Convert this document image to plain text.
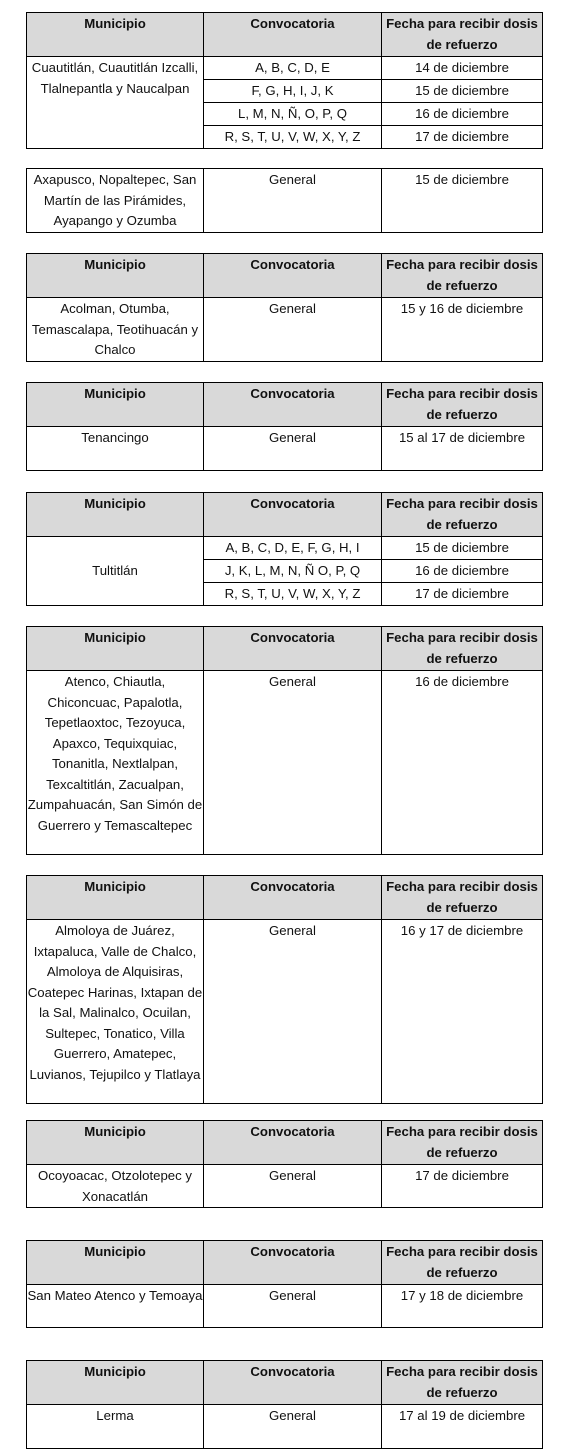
Municipio	Convocatoria	Fecha para recibir dosis de refuerzo
Cuautitlán, Cuautitlán Izcalli, Tlalnepantla y Naucalpan	A, B, C, D, E	14 de diciembre
	F, G, H, I, J, K	15 de diciembre
	L, M, N, Ñ, O, P, Q	16 de diciembre
	R, S, T, U, V, W, X, Y, Z	17 de diciembre
Axapusco, Nopaltepec, San Martín de las Pirámides, Ayapango y Ozumba	General	15 de diciembre
Municipio	Convocatoria	Fecha para recibir dosis de refuerzo
Acolman, Otumba, Temascalapa, Teotihuacán y Chalco	General	15 y 16 de diciembre
Municipio	Convocatoria	Fecha para recibir dosis de refuerzo
Tenancingo	General	15 al 17 de diciembre
Municipio	Convocatoria	Fecha para recibir dosis de refuerzo
Tultitlán	A, B, C, D, E, F, G, H, I	15 de diciembre
	J, K, L, M, N, Ñ O, P, Q	16 de diciembre
	R, S, T, U, V, W, X, Y, Z	17 de diciembre
Municipio	Convocatoria	Fecha para recibir dosis de refuerzo
Atenco, Chiautla, Chiconcuac, Papalotla, Tepetlaoxtoc, Tezoyuca, Apaxco, Tequixquiac, Tonanitla, Nextlalpan, Texcaltitlán, Zacualpan, Zumpahuacán, San Simón de Guerrero y Temascaltepec	General	16 de diciembre
Municipio	Convocatoria	Fecha para recibir dosis de refuerzo
Almoloya de Juárez, Ixtapaluca, Valle de Chalco, Almoloya de Alquisiras, Coatepec Harinas, Ixtapan de la Sal, Malinalco, Ocuilan, Sultepec, Tonatico, Villa Guerrero, Amatepec, Luvianos, Tejupilco y Tlatlaya	General	16 y 17 de diciembre
Municipio	Convocatoria	Fecha para recibir dosis de refuerzo
Ocoyoacac, Otzolotepec y Xonacatlán	General	17 de diciembre
Municipio	Convocatoria	Fecha para recibir dosis de refuerzo
San Mateo Atenco y Temoaya	General	17 y 18 de diciembre
Municipio	Convocatoria	Fecha para recibir dosis de refuerzo
Lerma	General	17 al 19 de diciembre
